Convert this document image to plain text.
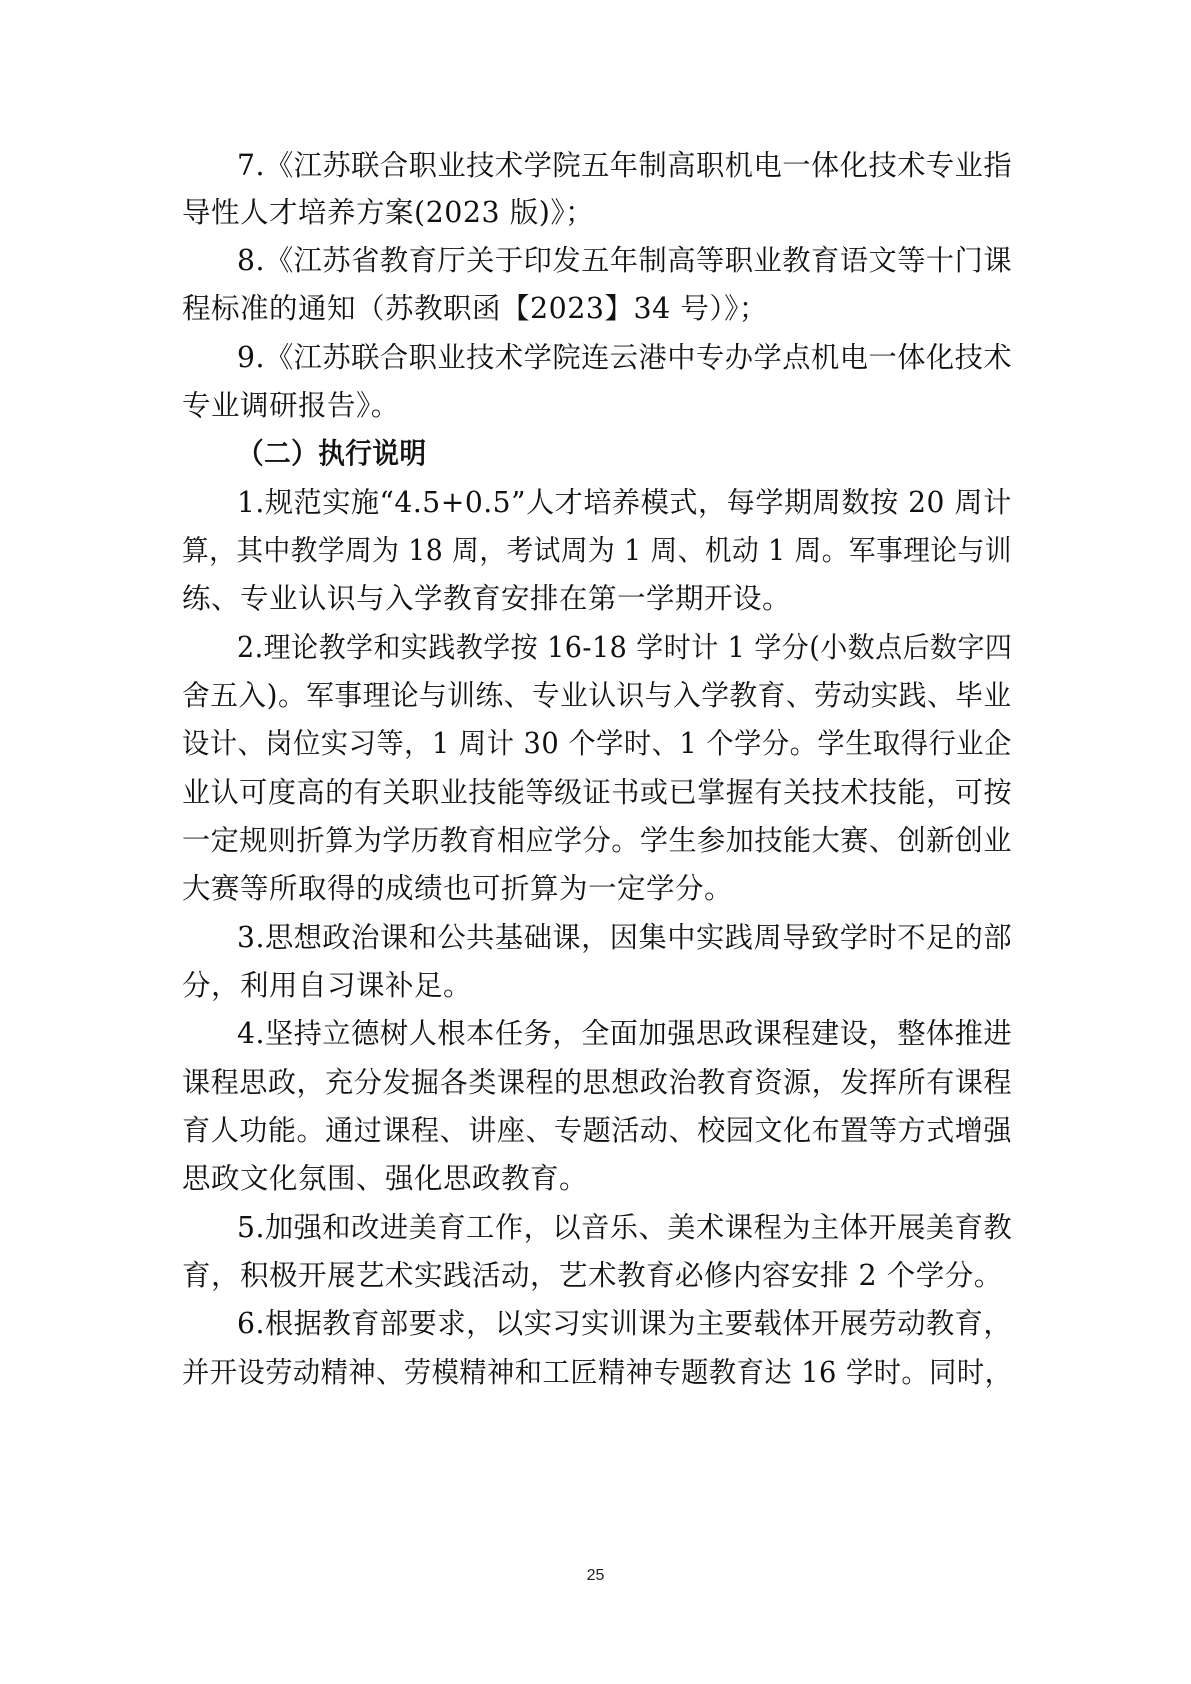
7.《江苏联合职业技术学院五年制高职机电一体化技术专业指
导性人才培养方案(2023 版)》；
8.《江苏省教育厅关于印发五年制高等职业教育语文等十门课
程标准的通知（苏教职函【2023】34 号）》；
9.《江苏联合职业技术学院连云港中专办学点机电一体化技术
专业调研报告》。
（二）执行说明
1.规范实施“4.5+0.5”人才培养模式，每学期周数按 20 周计
算，其中教学周为 18 周，考试周为 1 周、机动 1 周。军事理论与训
练、专业认识与入学教育安排在第一学期开设。
2.理论教学和实践教学按 16-18 学时计 1 学分(小数点后数字四
舍五入)。军事理论与训练、专业认识与入学教育、劳动实践、毕业
设计、岗位实习等，1 周计 30 个学时、1 个学分。学生取得行业企
业认可度高的有关职业技能等级证书或已掌握有关技术技能，可按
一定规则折算为学历教育相应学分。学生参加技能大赛、创新创业
大赛等所取得的成绩也可折算为一定学分。
3.思想政治课和公共基础课，因集中实践周导致学时不足的部
分，利用自习课补足。
4.坚持立德树人根本任务，全面加强思政课程建设，整体推进
课程思政，充分发掘各类课程的思想政治教育资源，发挥所有课程
育人功能。通过课程、讲座、专题活动、校园文化布置等方式增强
思政文化氛围、强化思政教育。
5.加强和改进美育工作，以音乐、美术课程为主体开展美育教
育，积极开展艺术实践活动，艺术教育必修内容安排 2 个学分。
6.根据教育部要求，以实习实训课为主要载体开展劳动教育，
并开设劳动精神、劳模精神和工匠精神专题教育达 16 学时。同时，
25
